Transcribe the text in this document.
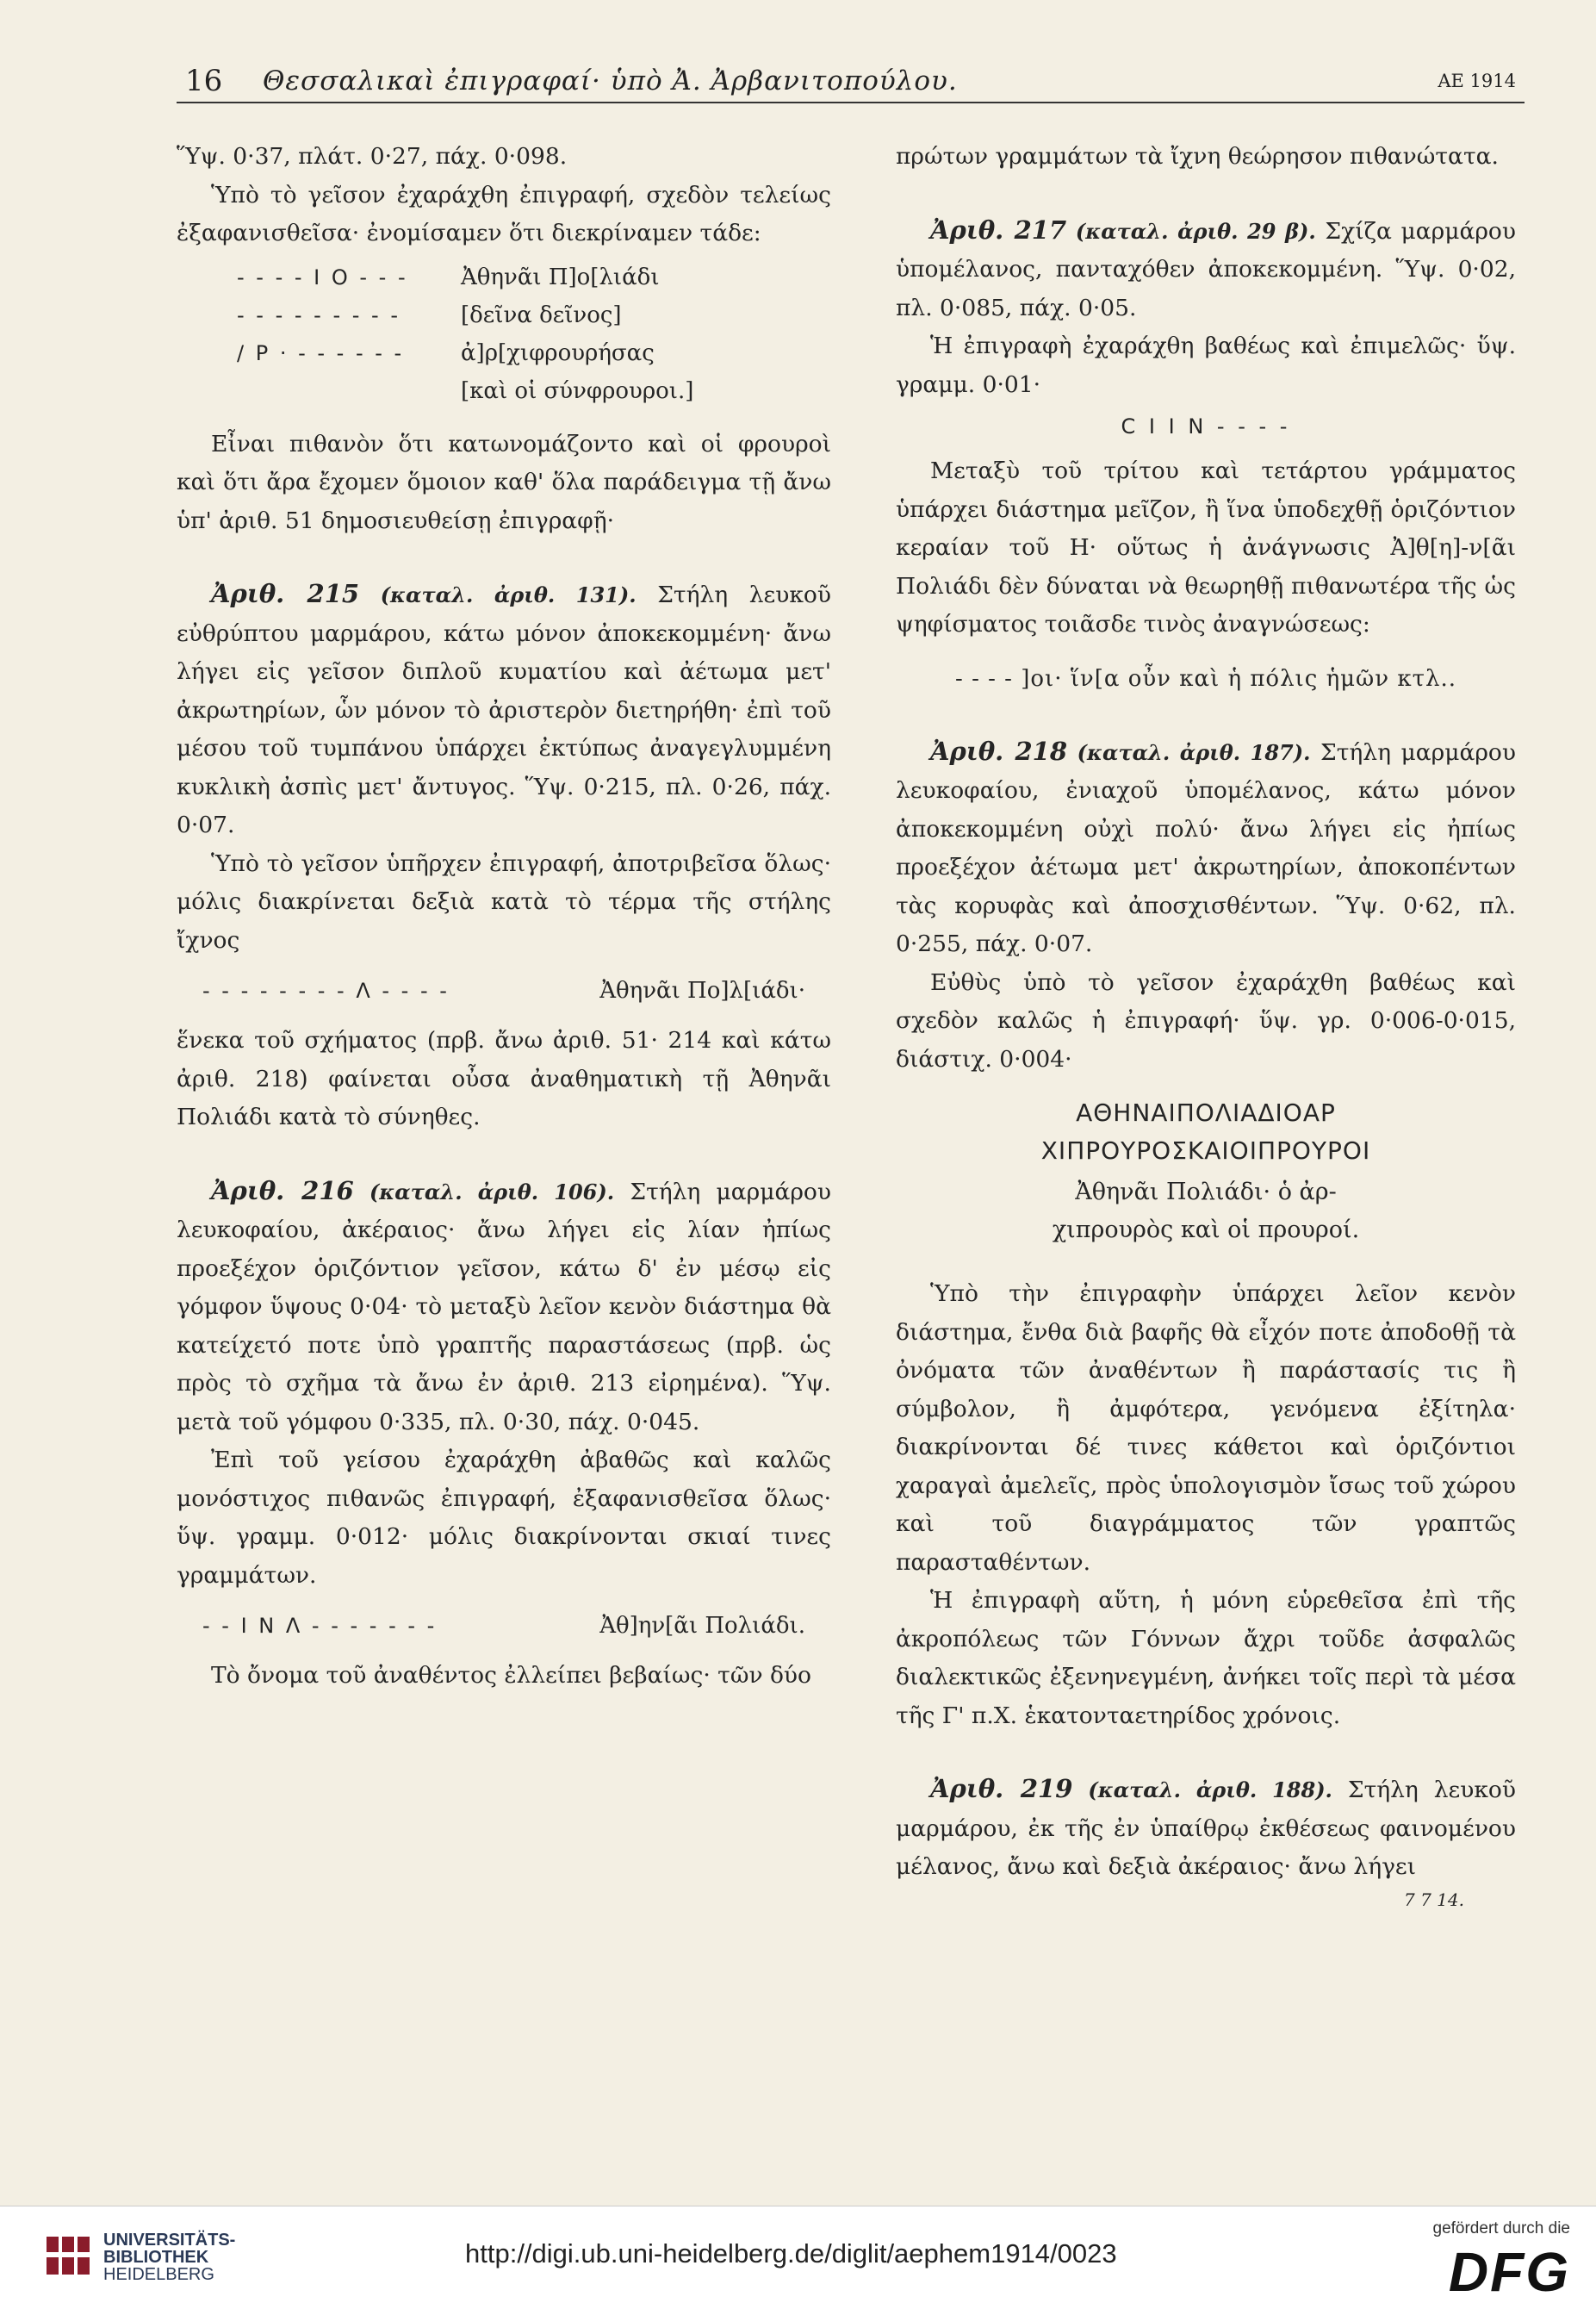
16 Θεσσαλικαὶ ἐπιγραφαί· ὑπὸ Ἀ. Ἀρβανιτοπούλου.	ΑΕ 1914

Ὕψ. 0·37, πλάτ. 0·27, πάχ. 0·098.

Ὑπὸ τὸ γεῖσον ἐχαράχθη ἐπιγραφή, σχεδὸν τελείως ἐξαφανισθεῖσα· ἐνομίσαμεν ὅτι διεκρίναμεν τάδε:

- - - - Ι Ο - - -	Ἀθηνᾶι Π]ο[λιάδι
- - - - - - - - -	[δεῖνα δεῖνος]
/ Ρ · - - - - - -	ἀ]ρ[χιφρουρήσας
[καὶ οἱ σύνφρουροι.]

Εἶναι πιθανὸν ὅτι κατωνομάζοντο καὶ οἱ φρουροὶ καὶ ὅτι ἄρα ἔχομεν ὅμοιον καθ' ὅλα παράδειγμα τῇ ἄνω ὑπ' ἀριθ. 51 δημοσιευθείσῃ ἐπιγραφῇ·

Ἀριθ. 215 (καταλ. ἀριθ. 131). Στήλη λευκοῦ εὐθρύπτου μαρμάρου, κάτω μόνον ἀποκεκομμένη· ἄνω λήγει εἰς γεῖσον διπλοῦ κυματίου καὶ ἀέτωμα μετ' ἀκρωτηρίων, ὧν μόνον τὸ ἀριστερὸν διετηρήθη· ἐπὶ τοῦ μέσου τοῦ τυμπάνου ὑπάρχει ἐκτύπως ἀναγεγλυμμένη κυκλικὴ ἀσπὶς μετ' ἄντυγος. Ὕψ. 0·215, πλ. 0·26, πάχ. 0·07.

Ὑπὸ τὸ γεῖσον ὑπῆρχεν ἐπιγραφή, ἀποτριβεῖσα ὅλως· μόλις διακρίνεται δεξιὰ κατὰ τὸ τέρμα τῆς στήλης ἴχνος

- - - - - - - - Λ - - - -	Ἀθηνᾶι Πο]λ[ιάδι·

ἕνεκα τοῦ σχήματος (πρβ. ἄνω ἀριθ. 51· 214 καὶ κάτω ἀριθ. 218) φαίνεται οὖσα ἀναθηματικὴ τῇ Ἀθηνᾶι Πολιάδι κατὰ τὸ σύνηθες.

Ἀριθ. 216 (καταλ. ἀριθ. 106). Στήλη μαρμάρου λευκοφαίου, ἀκέραιος· ἄνω λήγει εἰς λίαν ἠπίως προεξέχον ὁριζόντιον γεῖσον, κάτω δ' ἐν μέσῳ εἰς γόμφον ὕψους 0·04· τὸ μεταξὺ λεῖον κενὸν διάστημα θὰ κατείχετό ποτε ὑπὸ γραπτῆς παραστάσεως (πρβ. ὡς πρὸς τὸ σχῆμα τὰ ἄνω ἐν ἀριθ. 213 εἰρημένα). Ὕψ. μετὰ τοῦ γόμφου 0·335, πλ. 0·30, πάχ. 0·045.

Ἐπὶ τοῦ γείσου ἐχαράχθη ἀβαθῶς καὶ καλῶς μονόστιχος πιθανῶς ἐπιγραφή, ἐξαφανισθεῖσα ὅλως· ὕψ. γραμμ. 0·012· μόλις διακρίνονται σκιαί τινες γραμμάτων.

- - Ι Ν Λ - - - - - - -	Ἀθ]ην[ᾶι Πολιάδι.

Τὸ ὄνομα τοῦ ἀναθέντος ἐλλείπει βεβαίως· τῶν δύο

πρώτων γραμμάτων τὰ ἴχνη θεώρησον πιθανώτατα.

Ἀριθ. 217 (καταλ. ἀριθ. 29 β). Σχίζα μαρμάρου ὑπομέλανος, πανταχόθεν ἀποκεκομμένη. Ὕψ. 0·02, πλ. 0·085, πάχ. 0·05.

Ἡ ἐπιγραφὴ ἐχαράχθη βαθέως καὶ ἐπιμελῶς· ὕψ. γραμμ. 0·01·

C I I N - - - -

Μεταξὺ τοῦ τρίτου καὶ τετάρτου γράμματος ὑπάρχει διάστημα μεῖζον, ἢ ἵνα ὑποδεχθῇ ὁριζόντιον κεραίαν τοῦ Η· οὕτως ἡ ἀνάγνωσις Ἀ]θ[η]-ν[ᾶι Πολιάδι δὲν δύναται νὰ θεωρηθῇ πιθανωτέρα τῆς ὡς ψηφίσματος τοιᾶσδε τινὸς ἀναγνώσεως:

- - - - ]οι· ἵν[α οὖν καὶ ἡ πόλις ἡμῶν κτλ..

Ἀριθ. 218 (καταλ. ἀριθ. 187). Στήλη μαρμάρου λευκοφαίου, ἐνιαχοῦ ὑπομέλανος, κάτω μόνον ἀποκεκομμένη οὐχὶ πολύ· ἄνω λήγει εἰς ἠπίως προεξέχον ἀέτωμα μετ' ἀκρωτηρίων, ἀποκοπέντων τὰς κορυφὰς καὶ ἀποσχισθέντων. Ὕψ. 0·62, πλ. 0·255, πάχ. 0·07.

Εὐθὺς ὑπὸ τὸ γεῖσον ἐχαράχθη βαθέως καὶ σχεδὸν καλῶς ἡ ἐπιγραφή· ὕψ. γρ. 0·006-0·015, διάστιχ. 0·004·

ΑΘΗΝΑΙΠΟΛΙΑΔΙΟΑΡ
ΧΙΠΡΟΥΡΟΣΚΑΙΟΙΠΡΟΥΡΟΙ
Ἀθηνᾶι Πολιάδι· ὁ ἀρ-
χιπρουρὸς καὶ οἱ προυροί.

Ὑπὸ τὴν ἐπιγραφὴν ὑπάρχει λεῖον κενὸν διάστημα, ἔνθα διὰ βαφῆς θὰ εἶχόν ποτε ἀποδοθῇ τὰ ὀνόματα τῶν ἀναθέντων ἢ παράστασίς τις ἢ σύμβολον, ἢ ἀμφότερα, γενόμενα ἐξίτηλα· διακρίνονται δέ τινες κάθετοι καὶ ὁριζόντιοι χαραγαὶ ἀμελεῖς, πρὸς ὑπολογισμὸν ἴσως τοῦ χώρου καὶ τοῦ διαγράμματος τῶν γραπτῶς παρασταθέντων.

Ἡ ἐπιγραφὴ αὕτη, ἡ μόνη εὑρεθεῖσα ἐπὶ τῆς ἀκροπόλεως τῶν Γόννων ἄχρι τοῦδε ἀσφαλῶς διαλεκτικῶς ἐξενηνεγμένη, ἀνήκει τοῖς περὶ τὰ μέσα τῆς Γ' π.Χ. ἑκατονταετηρίδος χρόνοις.

Ἀριθ. 219 (καταλ. ἀριθ. 188). Στήλη λευκοῦ μαρμάρου, ἐκ τῆς ἐν ὑπαίθρῳ ἐκθέσεως φαινομένου μέλανος, ἄνω καὶ δεξιὰ ἀκέραιος· ἄνω λήγει

7 7 14.
UNIVERSITÄTS-
BIBLIOTHEK
HEIDELBERG
http://digi.ub.uni-heidelberg.de/diglit/aephem1914/0023
gefördert durch die
DFG
